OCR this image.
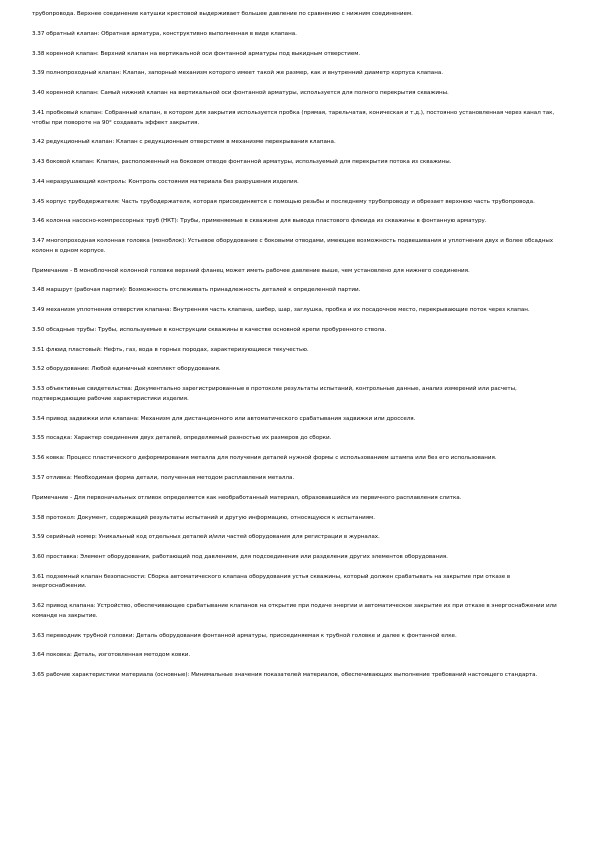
трубопровода. Верхнее соединение катушки крестовой выдерживает большее давление по сравнению с нижним соединением.

3.37 обратный клапан: Обратная арматура, конструктивно выполненная в виде клапана.

3.38 коренной клапан: Верхний клапан на вертикальной оси фонтанной арматуры под выкидным отверстием.

3.39 полнопроходный клапан: Клапан, запорный механизм которого имеет такой же размер, как и внутренний диаметр корпуса клапана.

3.40 коренной клапан: Самый нижний клапан на вертикальной оси фонтанной арматуры, используется для полного перекрытия скважины.

3.41 пробковый клапан: Собранный клапан, в котором для закрытия используется пробка (прямая, тарельчатая, коническая и т.д.), постоянно установленная через канал так, чтобы при повороте на 90° создавать эффект закрытия.

3.42 редукционный клапан: Клапан с редукционным отверстием в механизме перекрывания клапана.

3.43 боковой клапан: Клапан, расположенный на боковом отводе фонтанной арматуры, используемый для перекрытия потока из скважины.

3.44 неразрушающий контроль: Контроль состояния материала без разрушения изделия.

3.45 корпус трубодержателя: Часть трубодержателя, которая присоединяется с помощью резьбы и последнему трубопроводу и обрезает верхнюю часть трубопровода.

3.46 колонна насосно-компрессорных труб (НКТ): Трубы, применяемые в скважине для вывода пластового флюида из скважины в фонтанную арматуру.

3.47 многопроходная колонная головка (моноблок): Устьевое оборудование с боковыми отводами, имеющее возможность подвешивания и уплотнения двух и более обсадных колонн в одном корпусе.

Примечание - В моноблочной колонной головке верхний фланец может иметь рабочее давление выше, чем установлено для нижнего соединения.

3.48 маршрут (рабочая партия): Возможность отслеживать принадлежность деталей к определенной партии.

3.49 механизм уплотнения отверстия клапана: Внутренняя часть клапана, шибер, шар, заглушка, пробка и их посадочное место, перекрывающие поток через клапан.

3.50 обсадные трубы: Трубы, используемые в конструкции скважины в качестве основной крепи пробуренного ствола.

3.51 флюид пластовый: Нефть, газ, вода в горных породах, характеризующиеся текучестью.

3.52 оборудование: Любой единичный комплект оборудования.

3.53 объективные свидетельства: Документально зарегистрированные в протоколе результаты испытаний, контрольные данные, анализ измерений или расчеты, подтверждающие рабочие характеристики изделия.

3.54 привод задвижки или клапана: Механизм для дистанционного или автоматического срабатывания задвижки или дросселя.

3.55 посадка: Характер соединения двух деталей, определяемый разностью их размеров до сборки.

3.56 ковка: Процесс пластического деформирования металла для получения деталей нужной формы с использованием штампа или без его использования.

3.57 отливка: Необходимая форма детали, полученная методом расплавления металла.

Примечание - Для первоначальных отливок определяется как необработанный материал, образовавшийся из первичного расплавления слитка.

3.58 протокол: Документ, содержащий результаты испытаний и другую информацию, относящуюся к испытаниям.

3.59 серийный номер: Уникальный код отдельных деталей и/или частей оборудования для регистрации в журналах.

3.60 проставка: Элемент оборудования, работающий под давлением, для подсоединения или разделения других элементов оборудования.

3.61 подземный клапан безопасности: Сборка автоматического клапана оборудования устья скважины, который должен срабатывать на закрытие при отказе в энергоснабжении.

3.62 привод клапана: Устройство, обеспечивающее срабатывание клапанов на открытие при подаче энергии и автоматическое закрытие их при отказе в энергоснабжении или команде на закрытие.

3.63 переводник трубной головки: Деталь оборудования фонтанной арматуры, присоединяемая к трубной головке и далее к фонтанной елке.

3.64 поковка: Деталь, изготовленная методом ковки.

3.65 рабочие характеристики материала (основные): Минимальные значения показателей материалов, обеспечивающих выполнение требований настоящего стандарта.
